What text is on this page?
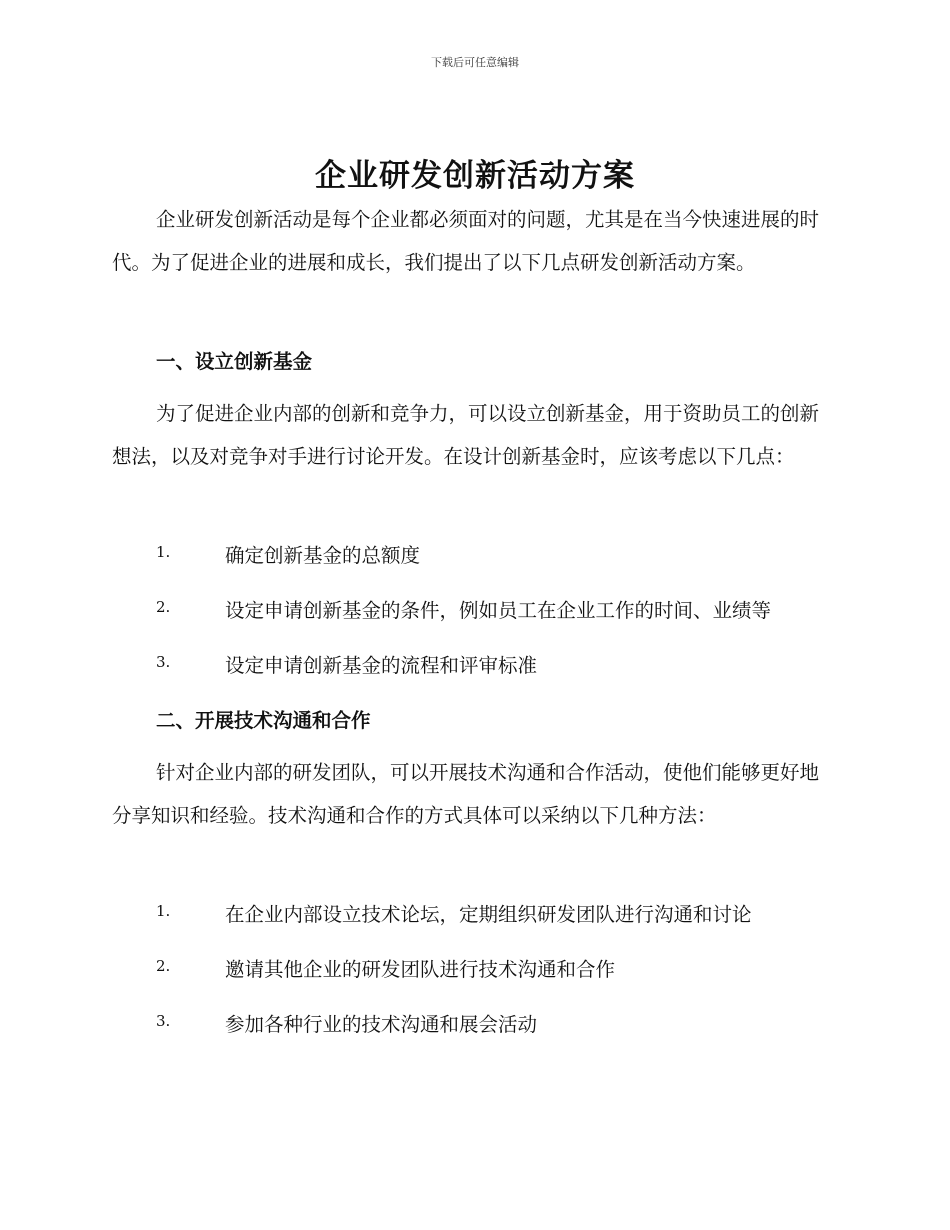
下载后可任意编辑
企业研发创新活动方案

企业研发创新活动是每个企业都必须面对的问题，尤其是在当今快速进展的时代。为了促进企业的进展和成长，我们提出了以下几点研发创新活动方案。

一、设立创新基金

为了促进企业内部的创新和竞争力，可以设立创新基金，用于资助员工的创新想法，以及对竞争对手进行讨论开发。在设计创新基金时，应该考虑以下几点：

1.	确定创新基金的总额度
2.	设定申请创新基金的条件，例如员工在企业工作的时间、业绩等
3.	设定申请创新基金的流程和评审标准
二、开展技术沟通和合作

针对企业内部的研发团队，可以开展技术沟通和合作活动，使他们能够更好地分享知识和经验。技术沟通和合作的方式具体可以采纳以下几种方法：

1.	在企业内部设立技术论坛，定期组织研发团队进行沟通和讨论
2.	邀请其他企业的研发团队进行技术沟通和合作
3.	参加各种行业的技术沟通和展会活动
